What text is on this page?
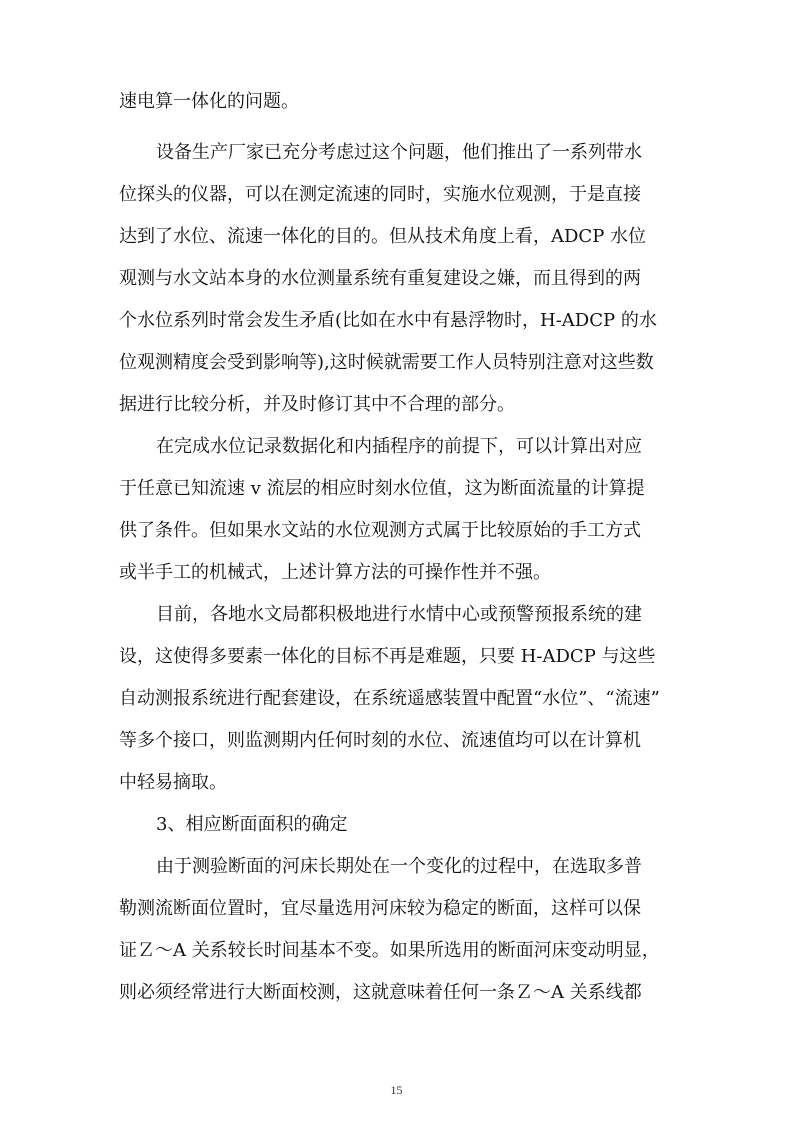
速电算一体化的问题。
设备生产厂家已充分考虑过这个问题，他们推出了一系列带水
位探头的仪器，可以在测定流速的同时，实施水位观测，于是直接
达到了水位、流速一体化的目的。但从技术角度上看，ADCP 水位
观测与水文站本身的水位测量系统有重复建设之嫌，而且得到的两
个水位系列时常会发生矛盾(比如在水中有悬浮物时，H-ADCP 的水
位观测精度会受到影响等),这时候就需要工作人员特别注意对这些数
据进行比较分析，并及时修订其中不合理的部分。
在完成水位记录数据化和内插程序的前提下，可以计算出对应
于任意已知流速 v 流层的相应时刻水位值，这为断面流量的计算提
供了条件。但如果水文站的水位观测方式属于比较原始的手工方式
或半手工的机械式，上述计算方法的可操作性并不强。
目前，各地水文局都积极地进行水情中心或预警预报系统的建
设，这使得多要素一体化的目标不再是难题，只要 H-ADCP 与这些
自动测报系统进行配套建设，在系统遥感装置中配置“水位”、“流速”
等多个接口，则监测期内任何时刻的水位、流速值均可以在计算机
中轻易摘取。
3、相应断面面积的确定
由于测验断面的河床长期处在一个变化的过程中，在选取多普
勒测流断面位置时，宜尽量选用河床较为稳定的断面，这样可以保
证Ｚ～A 关系较长时间基本不变。如果所选用的断面河床变动明显，
则必须经常进行大断面校测，这就意味着任何一条Ｚ～A 关系线都
15
